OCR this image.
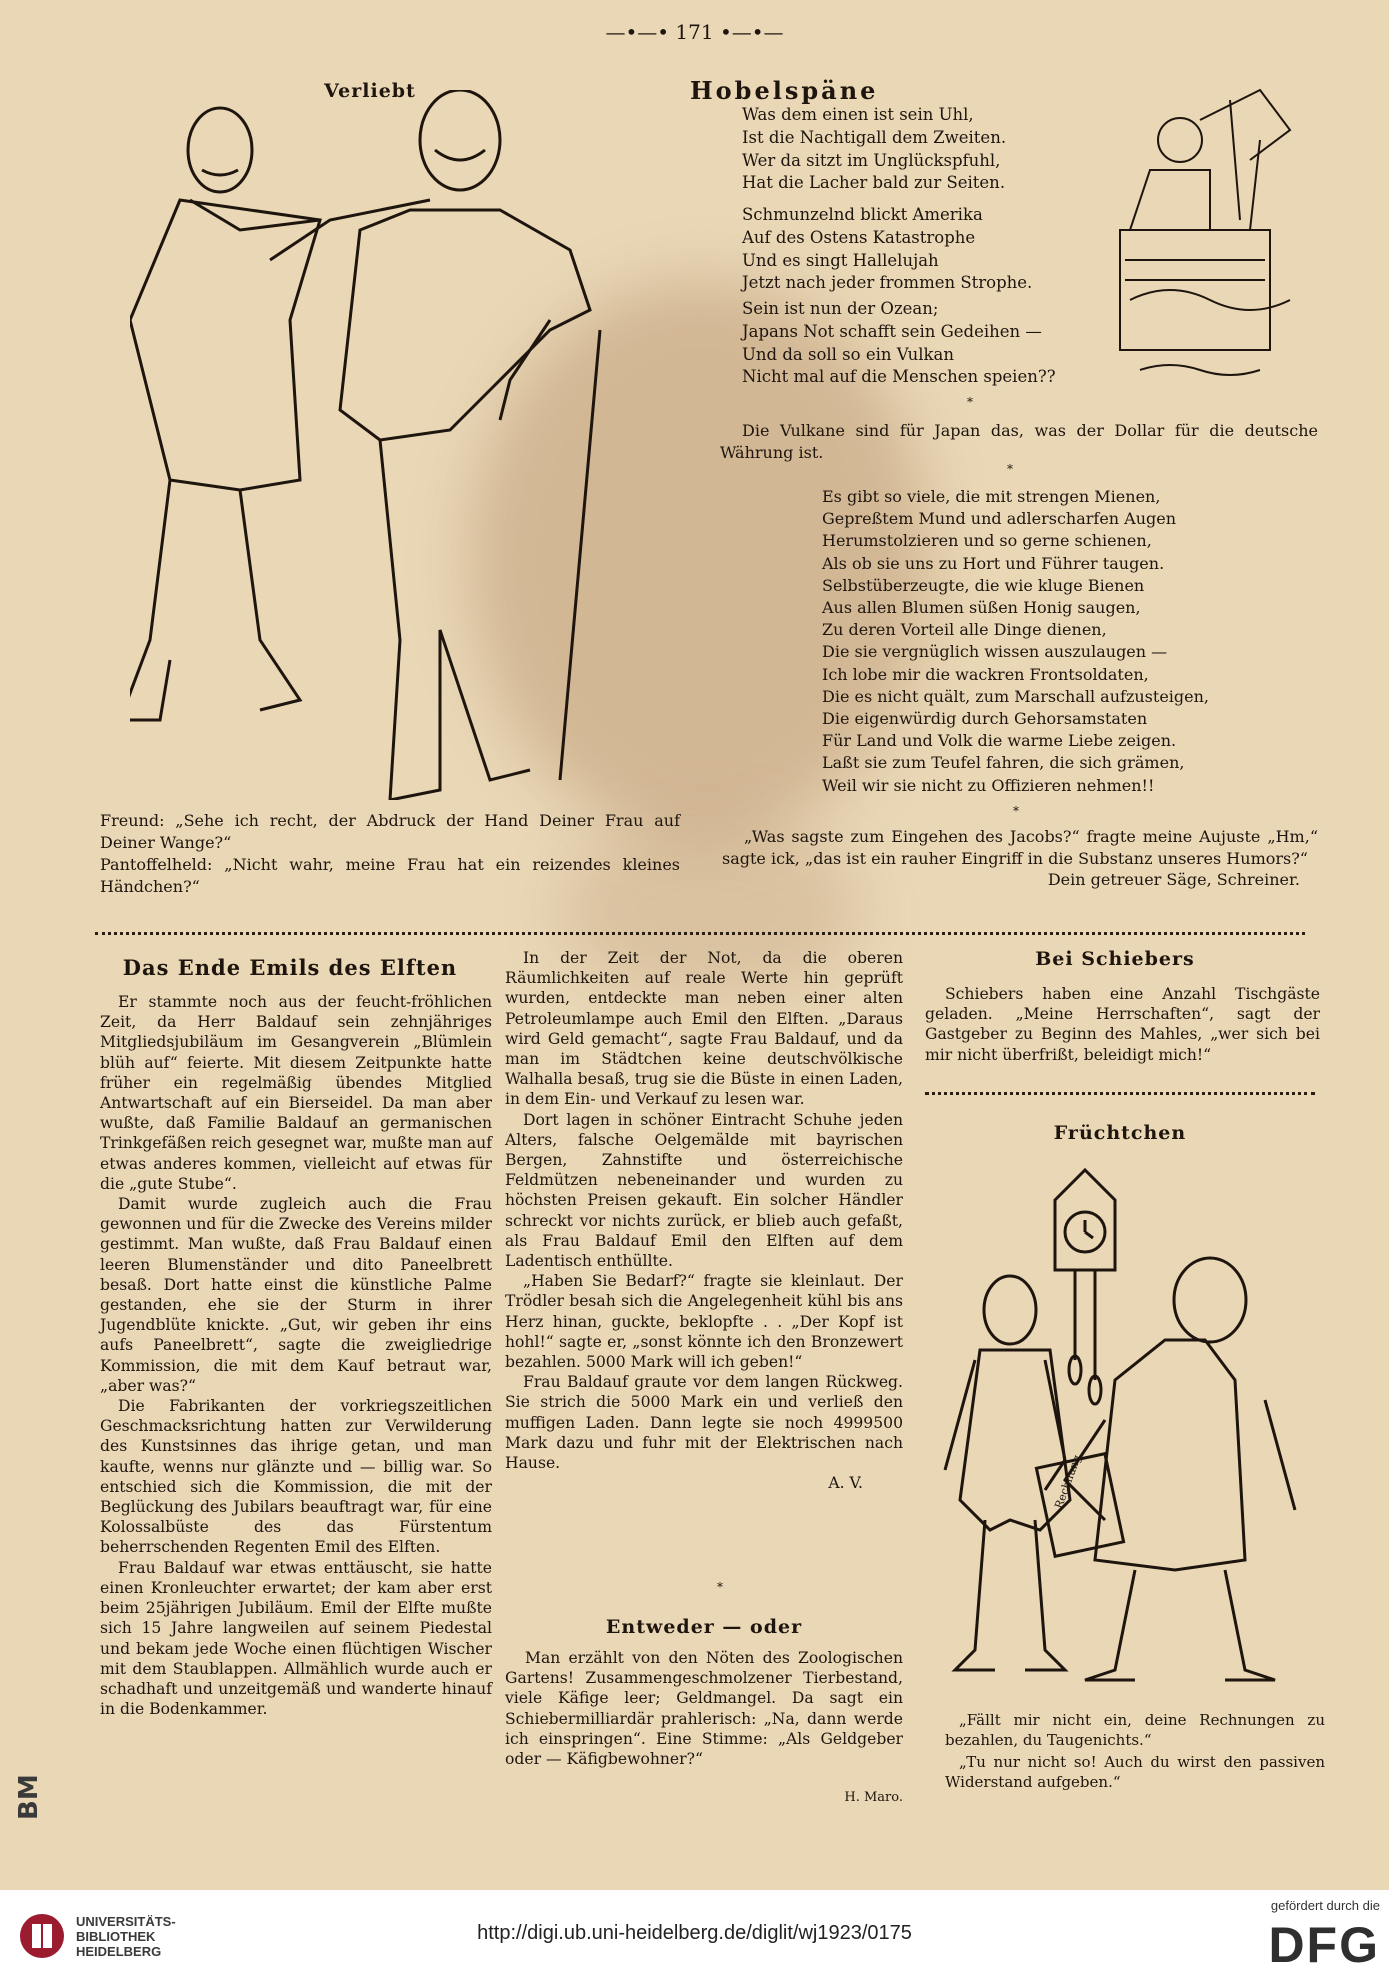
—•—• 171 •—•—
Verliebt
Freund: „Sehe ich recht, der Abdruck der Hand Deiner Frau auf Deiner Wange?“
Pantoffelheld: „Nicht wahr, meine Frau hat ein reizendes kleines Händchen?“
Hobelspäne
Was dem einen ist sein Uhl,
Ist die Nachtigall dem Zweiten.
Wer da sitzt im Unglückspfuhl,
Hat die Lacher bald zur Seiten.
Schmunzelnd blickt Amerika
Auf des Ostens Katastrophe
Und es singt Hallelujah
Jetzt nach jeder frommen Strophe.
Sein ist nun der Ozean;
Japans Not schafft sein Gedeihen —
Und da soll so ein Vulkan
Nicht mal auf die Menschen speien??
*
Die Vulkane sind für Japan das, was der Dollar für die deutsche Währung ist.
*
Es gibt so viele, die mit strengen Mienen,
Gepreßtem Mund und adlerscharfen Augen
Herumstolzieren und so gerne schienen,
Als ob sie uns zu Hort und Führer taugen.
Selbstüberzeugte, die wie kluge Bienen
Aus allen Blumen süßen Honig saugen,
Zu deren Vorteil alle Dinge dienen,
Die sie vergnüglich wissen auszulaugen —
Ich lobe mir die wackren Frontsoldaten,
Die es nicht quält, zum Marschall aufzusteigen,
Die eigenwürdig durch Gehorsamstaten
Für Land und Volk die warme Liebe zeigen.
Laßt sie zum Teufel fahren, die sich grämen,
Weil wir sie nicht zu Offizieren nehmen!!
*
„Was sagste zum Eingehen des Jacobs?“ fragte meine Aujuste „Hm,“ sagte ick, „das ist ein rauher Eingriff in die Substanz unseres Humors?“
Dein getreuer Säge, Schreiner.
Das Ende Emils des Elften

Er stammte noch aus der feucht-fröhlichen Zeit, da Herr Baldauf sein zehnjähriges Mitgliedsjubiläum im Gesangverein „Blümlein blüh auf“ feierte. Mit diesem Zeitpunkte hatte früher ein regelmäßig übendes Mitglied Antwartschaft auf ein Bierseidel. Da man aber wußte, daß Familie Baldauf an germanischen Trinkgefäßen reich gesegnet war, mußte man auf etwas anderes kommen, vielleicht auf etwas für die „gute Stube“.

Damit wurde zugleich auch die Frau gewonnen und für die Zwecke des Vereins milder gestimmt. Man wußte, daß Frau Baldauf einen leeren Blumenständer und dito Paneelbrett besaß. Dort hatte einst die künstliche Palme gestanden, ehe sie der Sturm in ihrer Jugendblüte knickte. „Gut, wir geben ihr eins aufs Paneelbrett“, sagte die zweigliedrige Kommission, die mit dem Kauf betraut war, „aber was?“

Die Fabrikanten der vorkriegszeitlichen Geschmacksrichtung hatten zur Verwilderung des Kunstsinnes das ihrige getan, und man kaufte, wenns nur glänzte und — billig war. So entschied sich die Kommission, die mit der Beglückung des Jubilars beauftragt war, für eine Kolossalbüste des das Fürstentum beherrschenden Regenten Emil des Elften.

Frau Baldauf war etwas enttäuscht, sie hatte einen Kronleuchter erwartet; der kam aber erst beim 25jährigen Jubiläum. Emil der Elfte mußte sich 15 Jahre langweilen auf seinem Piedestal und bekam jede Woche einen flüchtigen Wischer mit dem Staublappen. Allmählich wurde auch er schadhaft und unzeitgemäß und wanderte hinauf in die Bodenkammer.

In der Zeit der Not, da die oberen Räumlichkeiten auf reale Werte hin geprüft wurden, entdeckte man neben einer alten Petroleumlampe auch Emil den Elften. „Daraus wird Geld gemacht“, sagte Frau Baldauf, und da man im Städtchen keine deutschvölkische Walhalla besaß, trug sie die Büste in einen Laden, in dem Ein- und Verkauf zu lesen war.

Dort lagen in schöner Eintracht Schuhe jeden Alters, falsche Oelgemälde mit bayrischen Bergen, Zahnstifte und österreichische Feldmützen nebeneinander und wurden zu höchsten Preisen gekauft. Ein solcher Händler schreckt vor nichts zurück, er blieb auch gefaßt, als Frau Baldauf Emil den Elften auf dem Ladentisch enthüllte.

„Haben Sie Bedarf?“ fragte sie kleinlaut. Der Trödler besah sich die Angelegenheit kühl bis ans Herz hinan, guckte, beklopfte . . „Der Kopf ist hohl!“ sagte er, „sonst könnte ich den Bronzewert bezahlen. 5000 Mark will ich geben!“

Frau Baldauf graute vor dem langen Rückweg. Sie strich die 5000 Mark ein und verließ den muffigen Laden. Dann legte sie noch 4999500 Mark dazu und fuhr mit der Elektrischen nach Hause.

A. V.
*
Entweder — oder
Man erzählt von den Nöten des Zoologischen Gartens! Zusammengeschmolzener Tierbestand, viele Käfige leer; Geldmangel. Da sagt ein Schiebermilliardär prahlerisch: „Na, dann werde ich einspringen“. Eine Stimme: „Als Geldgeber oder — Käfigbewohner?“
H. Maro.
Bei Schiebers
Schiebers haben eine Anzahl Tischgäste geladen. „Meine Herrschaften“, sagt der Gastgeber zu Beginn des Mahles, „wer sich bei mir nicht überfrißt, beleidigt mich!“
Früchtchen
Rechnung
„Fällt mir nicht ein, deine Rechnungen zu bezahlen, du Taugenichts.“
„Tu nur nicht so! Auch du wirst den passiven Widerstand aufgeben.“
BM
UNIVERSITÄTS-
BIBLIOTHEK
HEIDELBERG
http://digi.ub.uni-heidelberg.de/diglit/wj1923/0175
gefördert durch die
DFG
